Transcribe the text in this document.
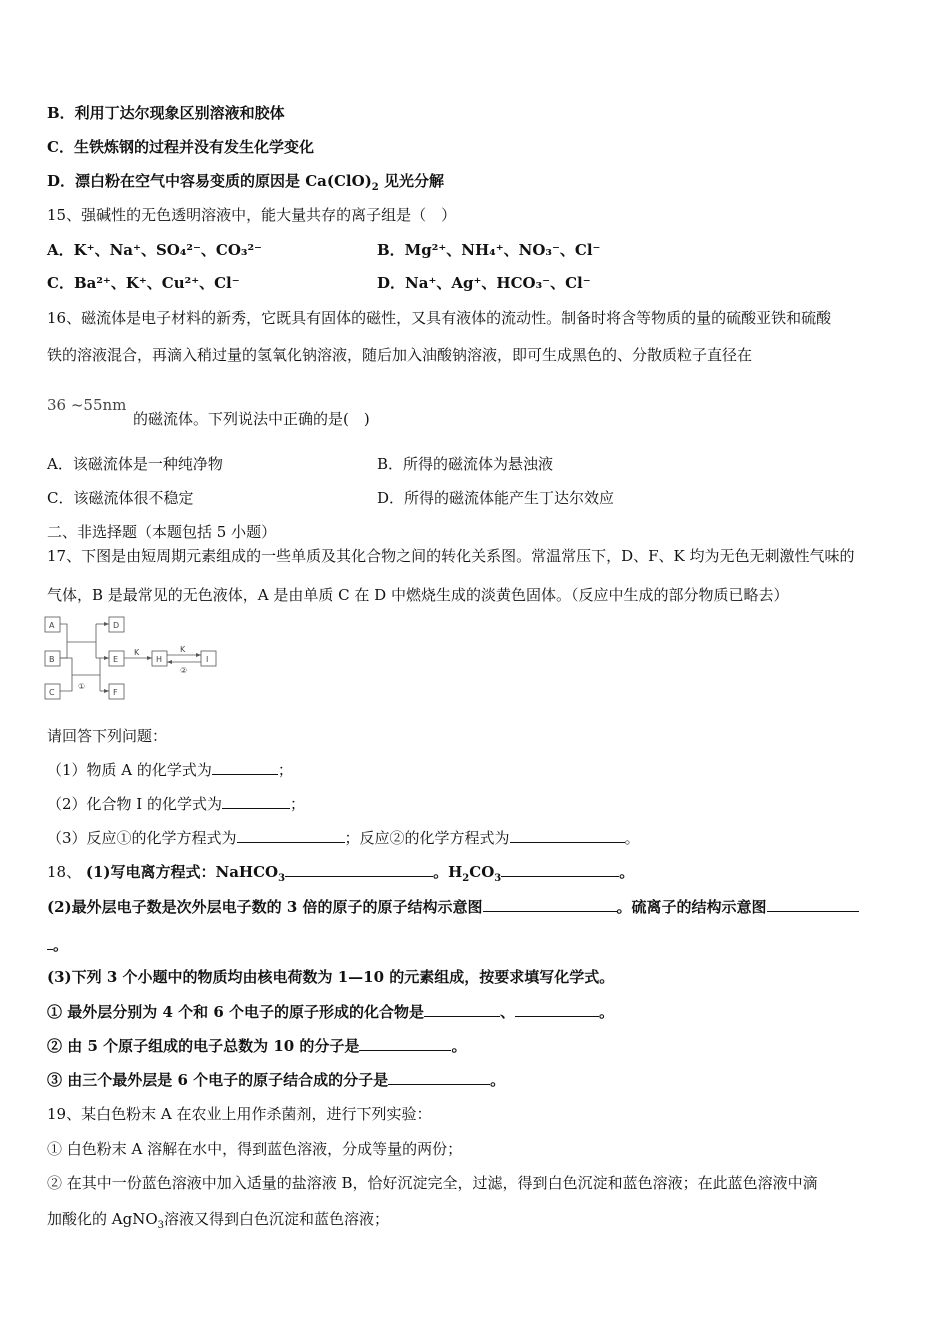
B．利用丁达尔现象区别溶液和胶体
C．生铁炼钢的过程并没有发生化学变化
D．漂白粉在空气中容易变质的原因是 $Ca(ClO)_2$ 见光分解
15、强碱性的无色透明溶液中，能大量共存的离子组是（　）
A．K⁺、Na⁺、SO₄²⁻、CO₃²⁻	B．Mg²⁺、NH₄⁺、NO₃⁻、Cl⁻
C．Ba²⁺、K⁺、Cu²⁺、Cl⁻	D．Na⁺、Ag⁺、HCO₃⁻、Cl⁻
16、磁流体是电子材料的新秀，它既具有固体的磁性，又具有液体的流动性。制备时将含等物质的量的硫酸亚铁和硫酸
铁的溶液混合，再滴入稍过量的氢氧化钠溶液，随后加入油酸钠溶液，即可生成黑色的、分散质粒子直径在
36 ~55nm
的磁流体。下列说法中正确的是(　)
A．该磁流体是一种纯净物	B．所得的磁流体为悬浊液
C．该磁流体很不稳定	D．所得的磁流体能产生丁达尔效应
二、非选择题（本题包括 5 小题）
17、下图是由短周期元素组成的一些单质及其化合物之间的转化关系图。常温常压下，D、F、K 均为无色无刺激性气味的
气体，B 是最常见的无色液体，A 是由单质 C 在 D 中燃烧生成的淡黄色固体。（反应中生成的部分物质已略去）
A
B
C
D
E
F
H	I
K	K
①
②
请回答下列问题：
（1）物质 A 的化学式为	；
（2）化合物 I 的化学式为	；
（3）反应①的化学方程式为	；反应②的化学方程式为	。
18、 (1)写电离方程式：NaHCO$_3$	。$H_2CO_3$	。
(2)最外层电子数是次外层电子数的 3 倍的原子的原子结构示意图	。硫离子的结构示意图
。
(3)下列 3 个小题中的物质均由核电荷数为 1—10 的元素组成，按要求填写化学式。
① 最外层分别为 4 个和 6 个电子的原子形成的化合物是	、	。
② 由 5 个原子组成的电子总数为 10 的分子是	。
③ 由三个最外层是 6 个电子的原子结合成的分子是	。
19、某白色粉末 A 在农业上用作杀菌剂，进行下列实验：
① 白色粉末 A 溶解在水中，得到蓝色溶液，分成等量的两份；
② 在其中一份蓝色溶液中加入适量的盐溶液 B，恰好沉淀完全，过滤，得到白色沉淀和蓝色溶液；在此蓝色溶液中滴
加酸化的 AgNO$_3$溶液又得到白色沉淀和蓝色溶液；
